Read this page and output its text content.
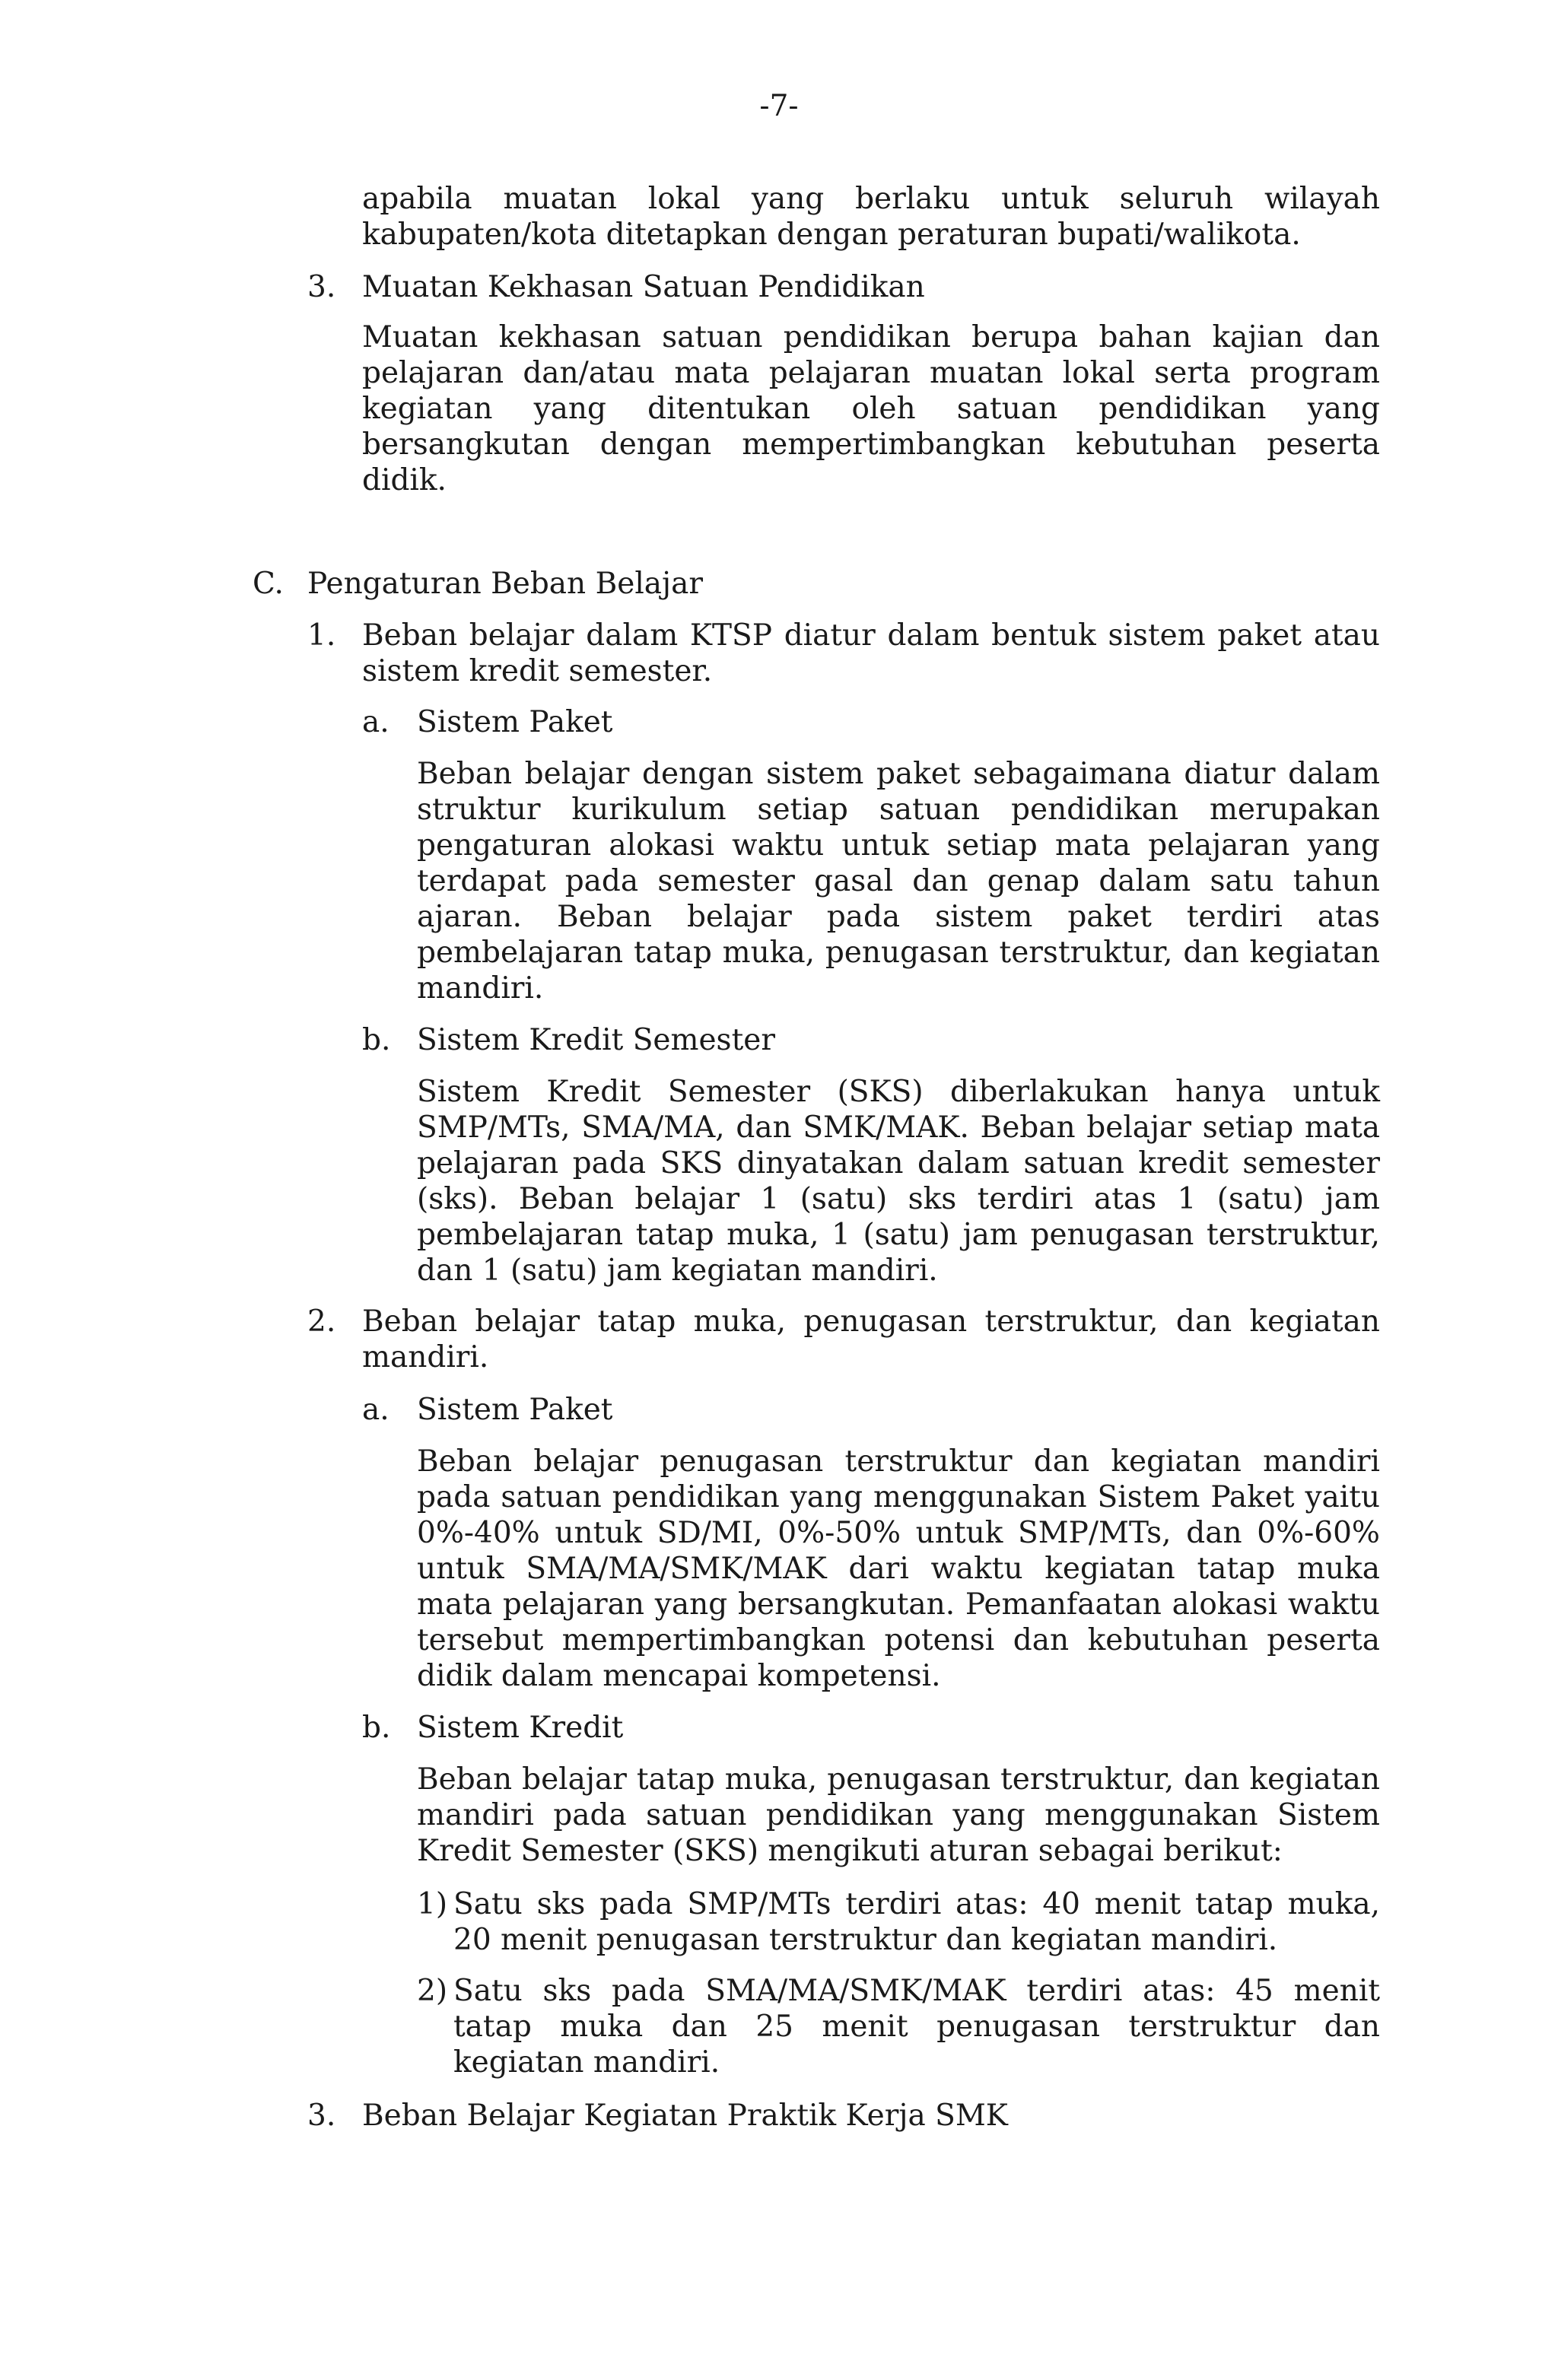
-7-
apabila muatan lokal yang berlaku untuk seluruh wilayah kabupaten/kota ditetapkan dengan peraturan bupati/walikota.
3. Muatan Kekhasan Satuan Pendidikan
Muatan kekhasan satuan pendidikan berupa bahan kajian dan pelajaran dan/atau mata pelajaran muatan lokal serta program kegiatan yang ditentukan oleh satuan pendidikan yang bersangkutan dengan mempertimbangkan kebutuhan peserta didik.
C. Pengaturan Beban Belajar
1. Beban belajar dalam KTSP diatur dalam bentuk sistem paket atau sistem kredit semester.
a. Sistem Paket
Beban belajar dengan sistem paket sebagaimana diatur dalam struktur kurikulum setiap satuan pendidikan merupakan pengaturan alokasi waktu untuk setiap mata pelajaran yang terdapat pada semester gasal dan genap dalam satu tahun ajaran. Beban belajar pada sistem paket terdiri atas pembelajaran tatap muka, penugasan terstruktur, dan kegiatan mandiri.
b. Sistem Kredit Semester
Sistem Kredit Semester (SKS) diberlakukan hanya untuk SMP/MTs, SMA/MA, dan SMK/MAK. Beban belajar setiap mata pelajaran pada SKS dinyatakan dalam satuan kredit semester (sks). Beban belajar 1 (satu) sks terdiri atas 1 (satu) jam pembelajaran tatap muka, 1 (satu) jam penugasan terstruktur, dan 1 (satu) jam kegiatan mandiri.
2. Beban belajar tatap muka, penugasan terstruktur, dan kegiatan mandiri.
a. Sistem Paket
Beban belajar penugasan terstruktur dan kegiatan mandiri pada satuan pendidikan yang menggunakan Sistem Paket yaitu 0%-40% untuk SD/MI, 0%-50% untuk SMP/MTs, dan 0%-60% untuk SMA/MA/SMK/MAK dari waktu kegiatan tatap muka mata pelajaran yang bersangkutan. Pemanfaatan alokasi waktu tersebut mempertimbangkan potensi dan kebutuhan peserta didik dalam mencapai kompetensi.
b. Sistem Kredit
Beban belajar tatap muka, penugasan terstruktur, dan kegiatan mandiri pada satuan pendidikan yang menggunakan Sistem Kredit Semester (SKS) mengikuti aturan sebagai berikut:
1) Satu sks pada SMP/MTs terdiri atas: 40 menit tatap muka, 20 menit penugasan terstruktur dan kegiatan mandiri.
2) Satu sks pada SMA/MA/SMK/MAK terdiri atas: 45 menit tatap muka dan 25 menit penugasan terstruktur dan kegiatan mandiri.
3. Beban Belajar Kegiatan Praktik Kerja SMK
